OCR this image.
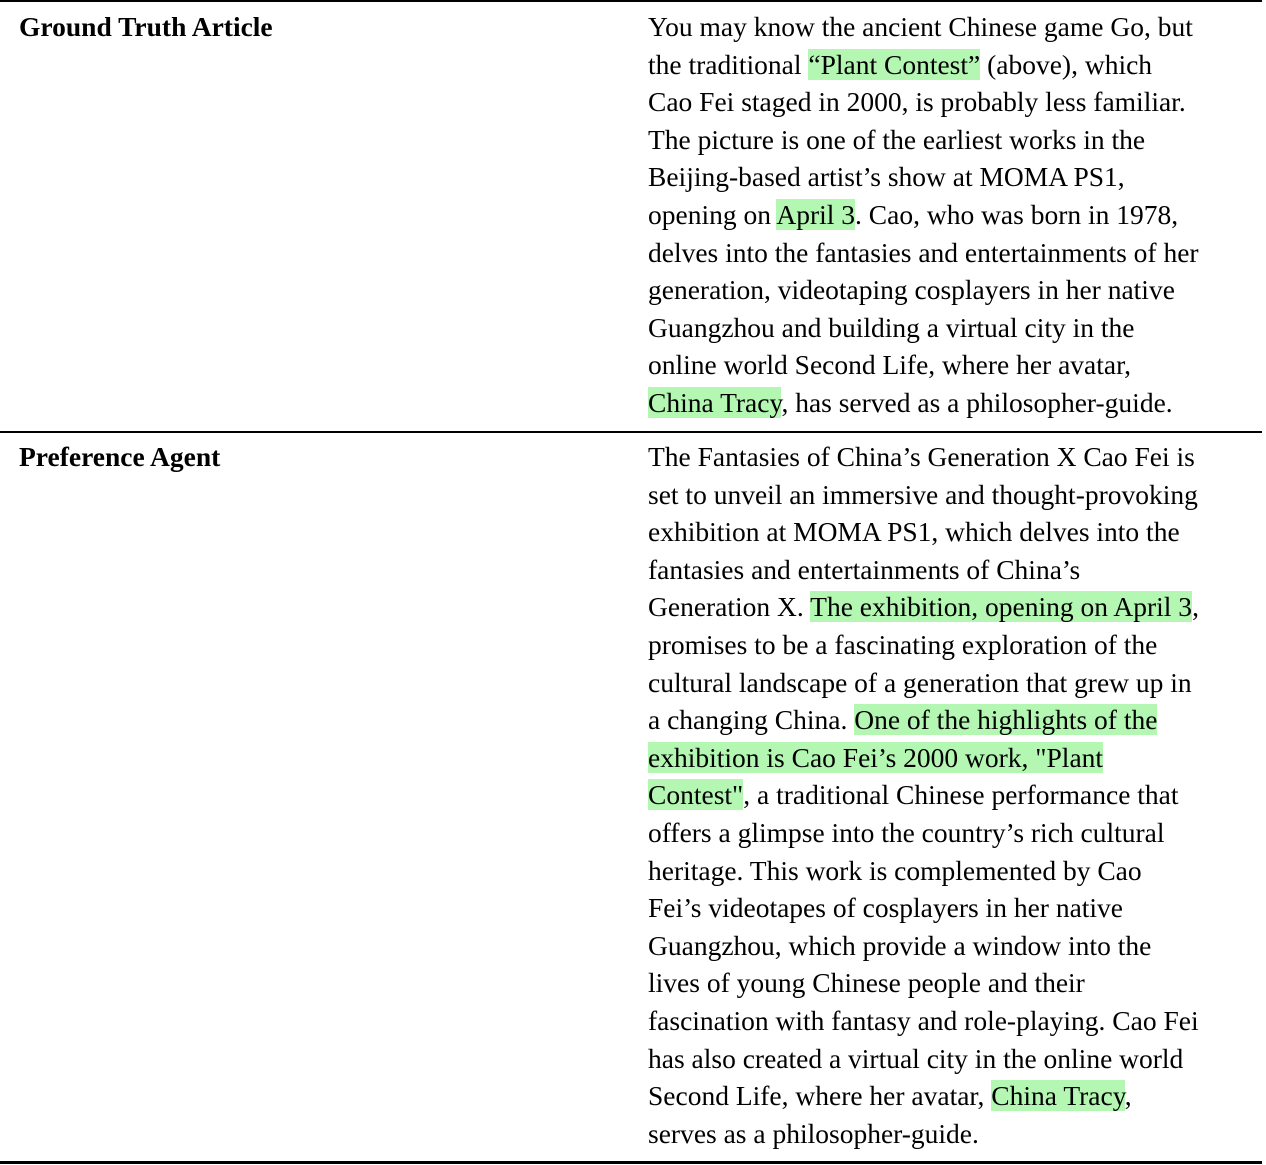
Ground Truth Article	You may know the ancient Chinese game Go, but
the traditional “Plant Contest” (above), which
Cao Fei staged in 2000, is probably less familiar.
The picture is one of the earliest works in the
Beijing-based artist’s show at MOMA PS1,
opening on April 3. Cao, who was born in 1978,
delves into the fantasies and entertainments of her
generation, videotaping cosplayers in her native
Guangzhou and building a virtual city in the
online world Second Life, where her avatar,
China Tracy, has served as a philosopher-guide.
Preference Agent	The Fantasies of China’s Generation X Cao Fei is
set to unveil an immersive and thought-provoking
exhibition at MOMA PS1, which delves into the
fantasies and entertainments of China’s
Generation X. The exhibition, opening on April 3,
promises to be a fascinating exploration of the
cultural landscape of a generation that grew up in
a changing China. One of the highlights of the
exhibition is Cao Fei’s 2000 work, "Plant
Contest", a traditional Chinese performance that
offers a glimpse into the country’s rich cultural
heritage. This work is complemented by Cao
Fei’s videotapes of cosplayers in her native
Guangzhou, which provide a window into the
lives of young Chinese people and their
fascination with fantasy and role-playing. Cao Fei
has also created a virtual city in the online world
Second Life, where her avatar, China Tracy,
serves as a philosopher-guide.
